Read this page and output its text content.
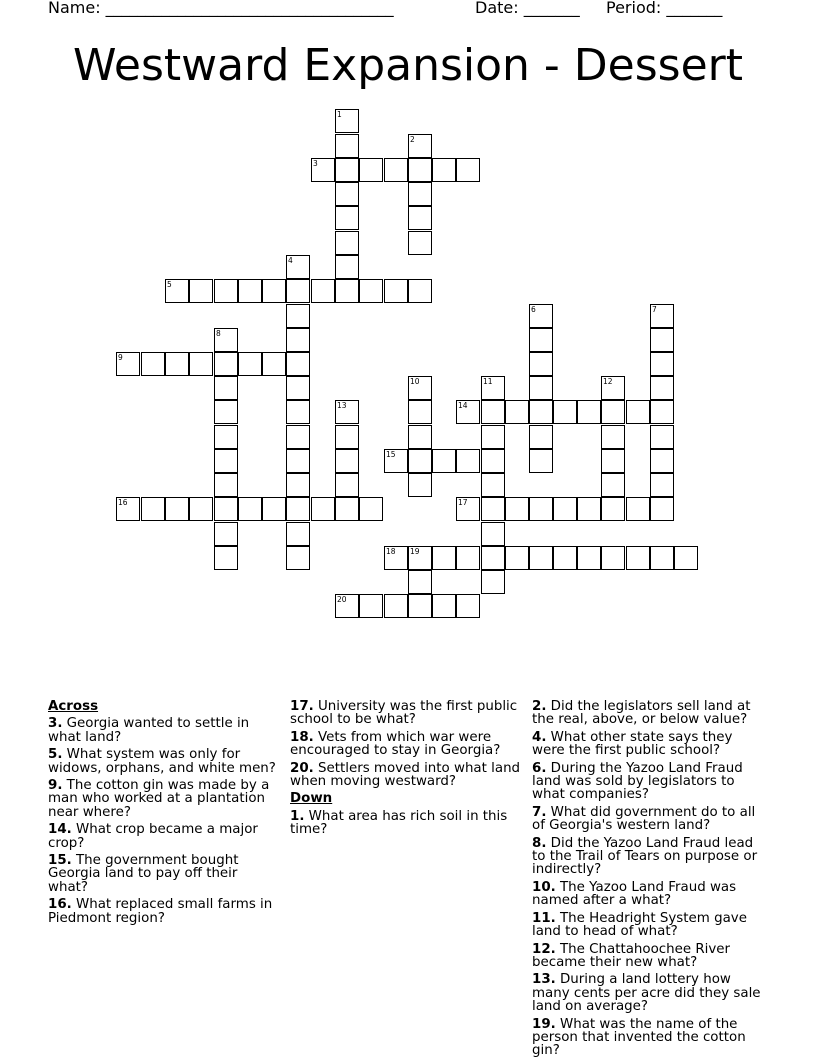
Name: ____________________________________	Date: _______ Period: _______
Westward Expansion - Dessert
1
2
3
4
5
6	7
8
9
10	11	12
13	14
15
16	17
18 19
20
Across
3. Georgia wanted to settle in what land?
5. What system was only for widows, orphans, and white men?
9. The cotton gin was made by a man who worked at a plantation near where?
14. What crop became a major crop?
15. The government bought Georgia land to pay off their what?
16. What replaced small farms in Piedmont region?
17. University was the first public school to be what?
18. Vets from which war were encouraged to stay in Georgia?
20. Settlers moved into what land when moving westward?
Down
1. What area has rich soil in this time?
2. Did the legislators sell land at the real, above, or below value?
4. What other state says they were the first public school?
6. During the Yazoo Land Fraud land was sold by legislators to what companies?
7. What did government do to all of Georgia's western land?
8. Did the Yazoo Land Fraud lead to the Trail of Tears on purpose or indirectly?
10. The Yazoo Land Fraud was named after a what?
11. The Headright System gave land to head of what?
12. The Chattahoochee River became their new what?
13. During a land lottery how many cents per acre did they sale land on average?
19. What was the name of the person that invented the cotton gin?
